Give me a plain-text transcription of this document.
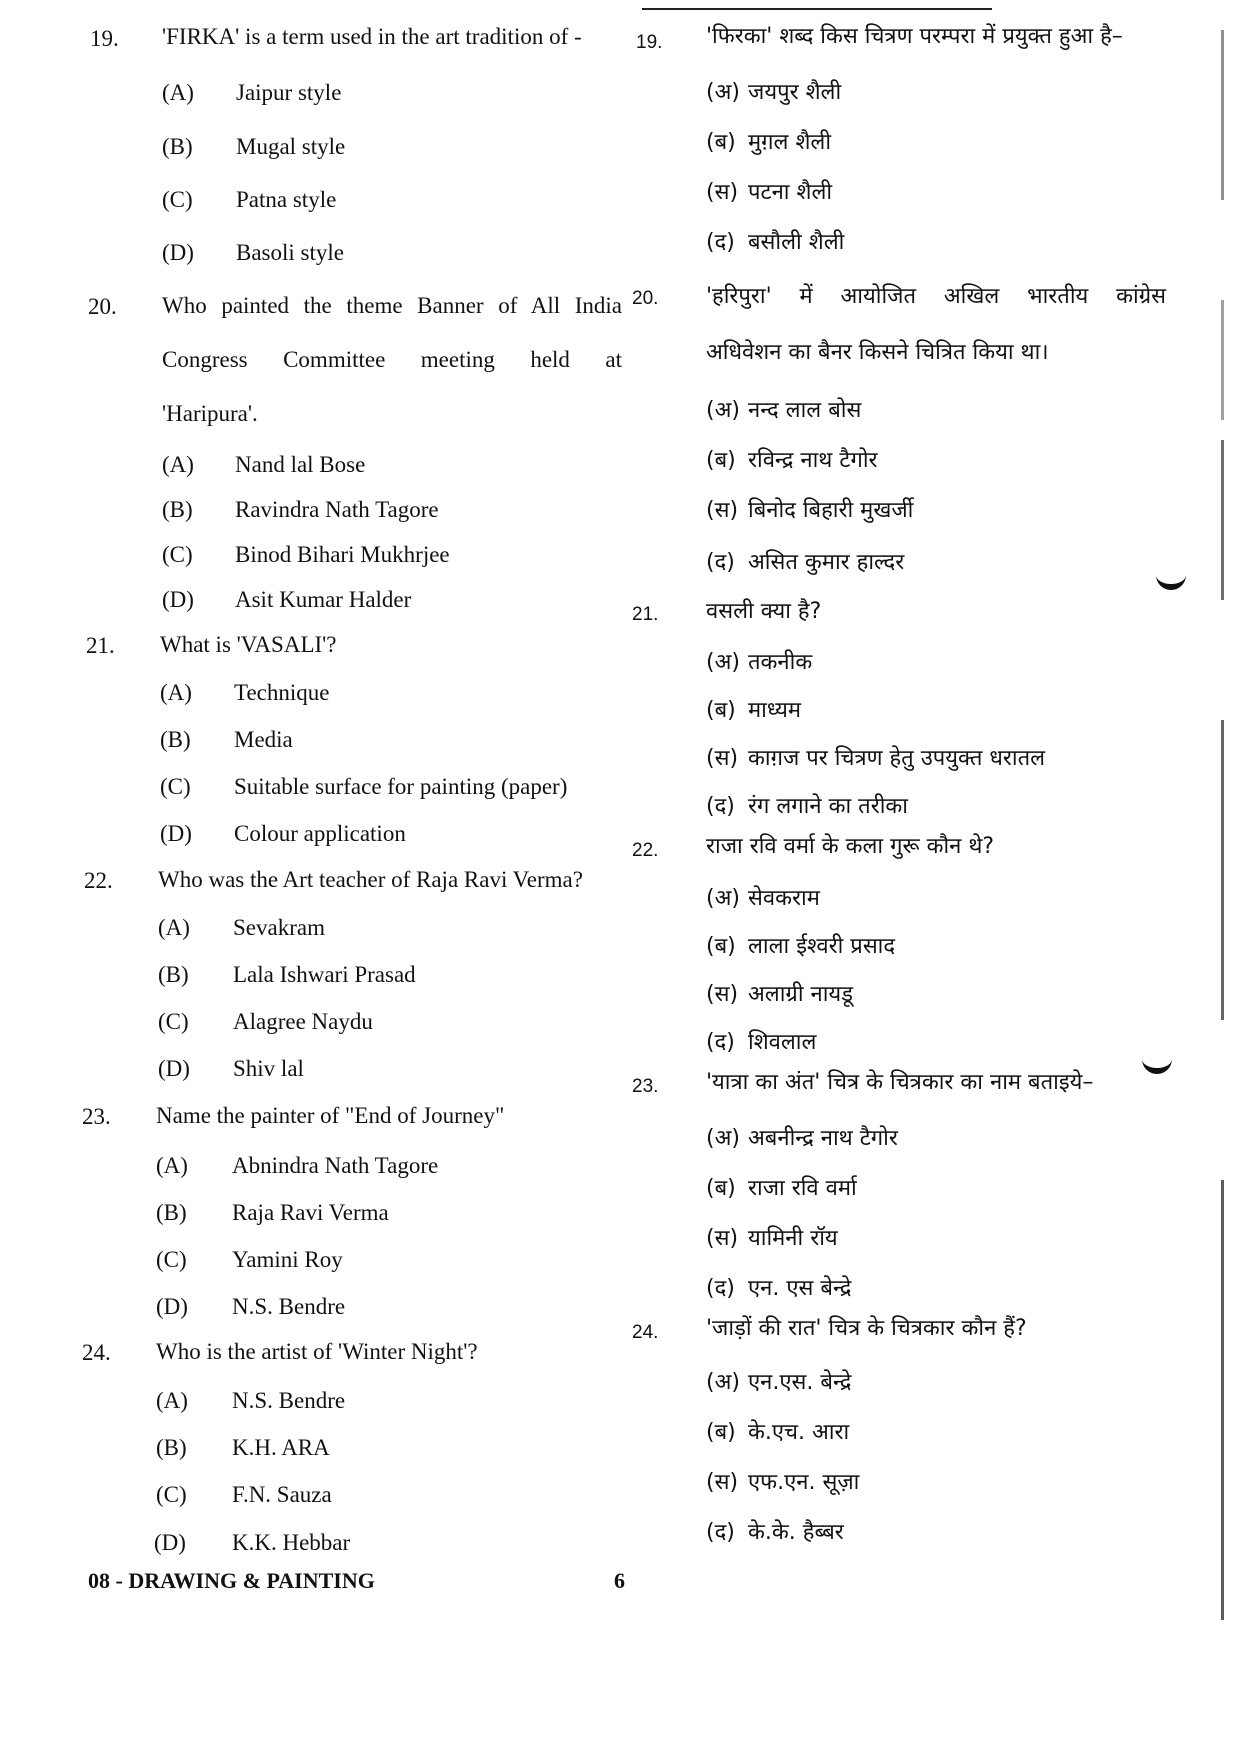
19. 'FIRKA' is a term used in the art tradition of -
(A) Jaipur style
(B) Mugal style
(C) Patna style
(D) Basoli style
20. Who painted the theme Banner of All India
Congress Committee meeting held at
'Haripura'.
(A) Nand lal Bose
(B) Ravindra Nath Tagore
(C) Binod Bihari Mukhrjee
(D) Asit Kumar Halder
21. What is 'VASALI'?
(A) Technique
(B) Media
(C) Suitable surface for painting (paper)
(D) Colour application
22. Who was the Art teacher of Raja Ravi Verma?
(A) Sevakram
(B) Lala Ishwari Prasad
(C) Alagree Naydu
(D) Shiv lal
23. Name the painter of "End of Journey"
(A) Abnindra Nath Tagore
(B) Raja Ravi Verma
(C) Yamini Roy
(D) N.S. Bendre
24. Who is the artist of 'Winter Night'?
(A) N.S. Bendre
(B) K.H. ARA
(C) F.N. Sauza
(D) K.K. Hebbar
19. 'फिरका' शब्द किस चित्रण परम्परा में प्रयुक्त हुआ है–
(अ) जयपुर शैली
(ब) मुग़ल शैली
(स) पटना शैली
(द) बसौली शैली
20. 'हरिपुरा' में आयोजित अखिल भारतीय कांग्रेस
अधिवेशन का बैनर किसने चित्रित किया था।
(अ) नन्द लाल बोस
(ब) रविन्द्र नाथ टैगोर
(स) बिनोद बिहारी मुखर्जी
(द) असित कुमार हाल्दर
21. वसली क्या है?
(अ) तकनीक
(ब) माध्यम
(स) काग़ज पर चित्रण हेतु उपयुक्त धरातल
(द) रंग लगाने का तरीका
22. राजा रवि वर्मा के कला गुरू कौन थे?
(अ) सेवकराम
(ब) लाला ईश्वरी प्रसाद
(स) अलाग्री नायडू
(द) शिवलाल
23. 'यात्रा का अंत' चित्र के चित्रकार का नाम बताइये–
(अ) अबनीन्द्र नाथ टैगोर
(ब) राजा रवि वर्मा
(स) यामिनी रॉय
(द) एन. एस बेन्द्रे
24. 'जाड़ों की रात' चित्र के चित्रकार कौन हैं?
(अ) एन.एस. बेन्द्रे
(ब) के.एच. आरा
(स) एफ.एन. सूज़ा
(द) के.के. हैब्बर
08 - DRAWING & PAINTING	6
